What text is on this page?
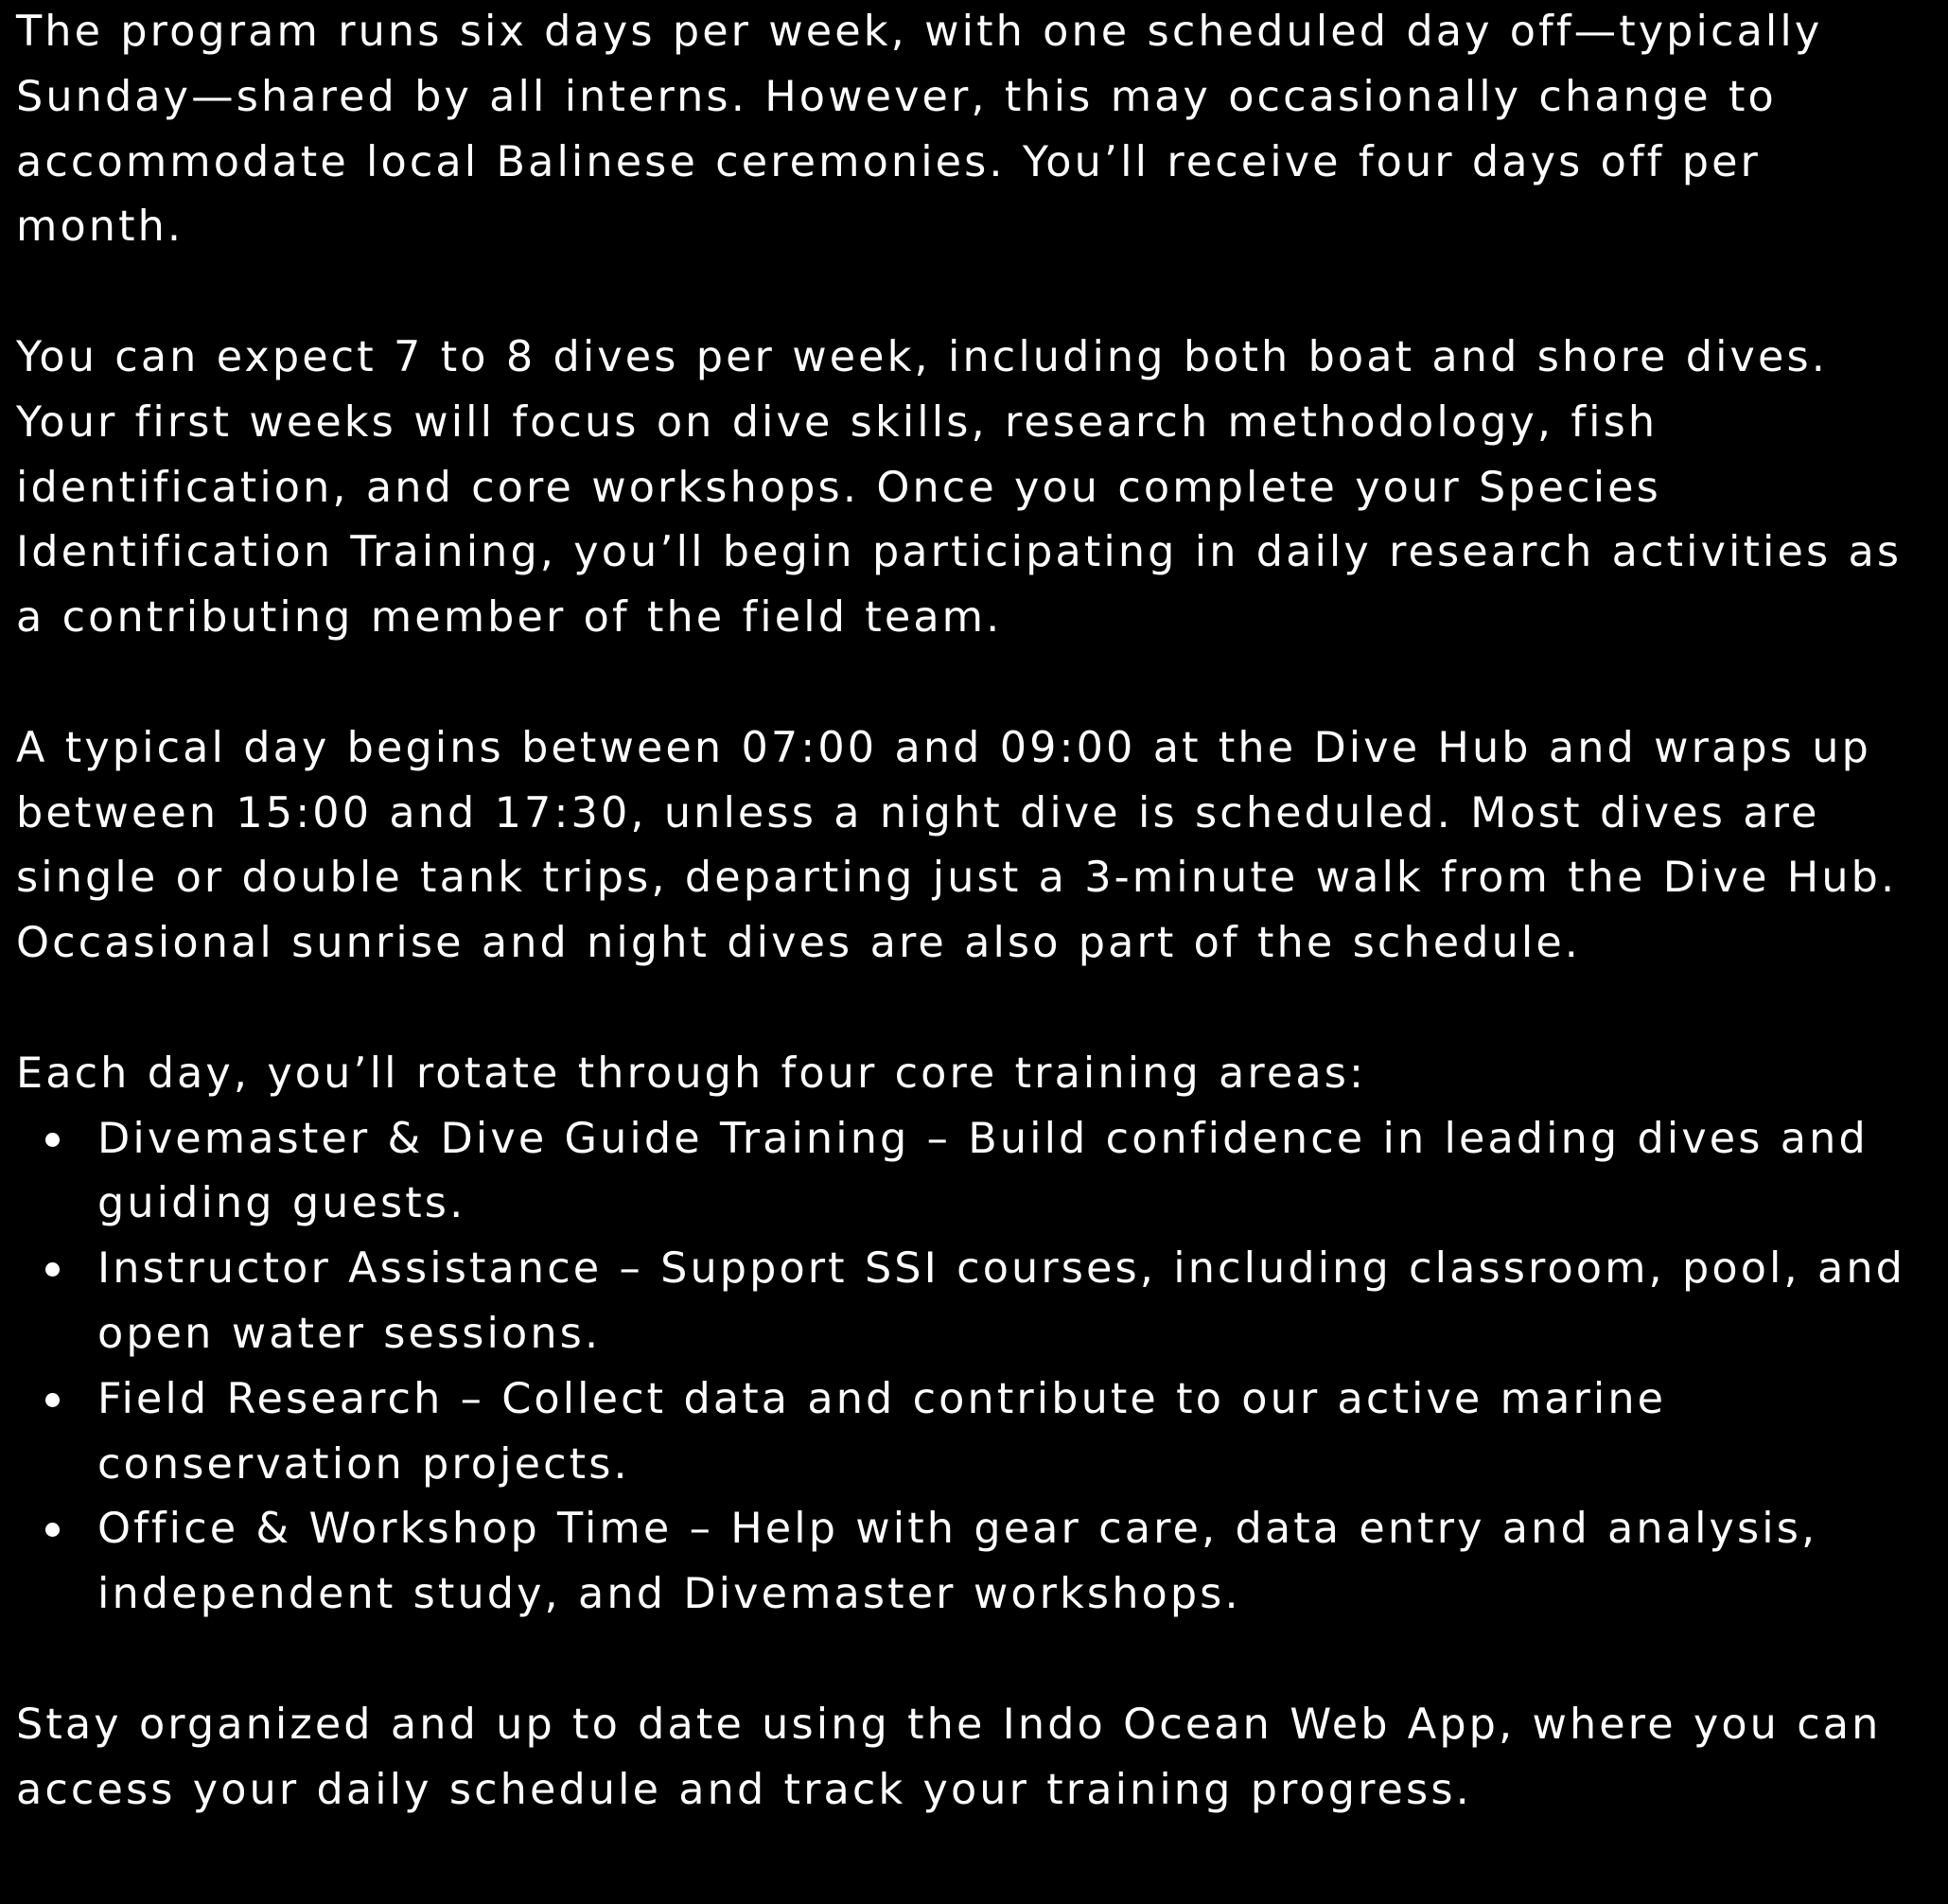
The program runs six days per week, with one scheduled day off—typically Sunday—shared by all interns. However, this may occasionally change to accommodate local Balinese ceremonies. You’ll receive four days off per month.

You can expect 7 to 8 dives per week, including both boat and shore dives. Your first weeks will focus on dive skills, research methodology, fish identification, and core workshops. Once you complete your Species Identification Training, you’ll begin participating in daily research activities as a contributing member of the field team.

A typical day begins between 07:00 and 09:00 at the Dive Hub and wraps up between 15:00 and 17:30, unless a night dive is scheduled. Most dives are single or double tank trips, departing just a 3-minute walk from the Dive Hub. Occasional sunrise and night dives are also part of the schedule.

Each day, you’ll rotate through four core training areas:

Divemaster & Dive Guide Training – Build confidence in leading dives and guiding guests.
Instructor Assistance – Support SSI courses, including classroom, pool, and open water sessions.
Field Research – Collect data and contribute to our active marine conservation projects.
Office & Workshop Time – Help with gear care, data entry and analysis, independent study, and Divemaster workshops.

Stay organized and up to date using the Indo Ocean Web App, where you can access your daily schedule and track your training progress.
